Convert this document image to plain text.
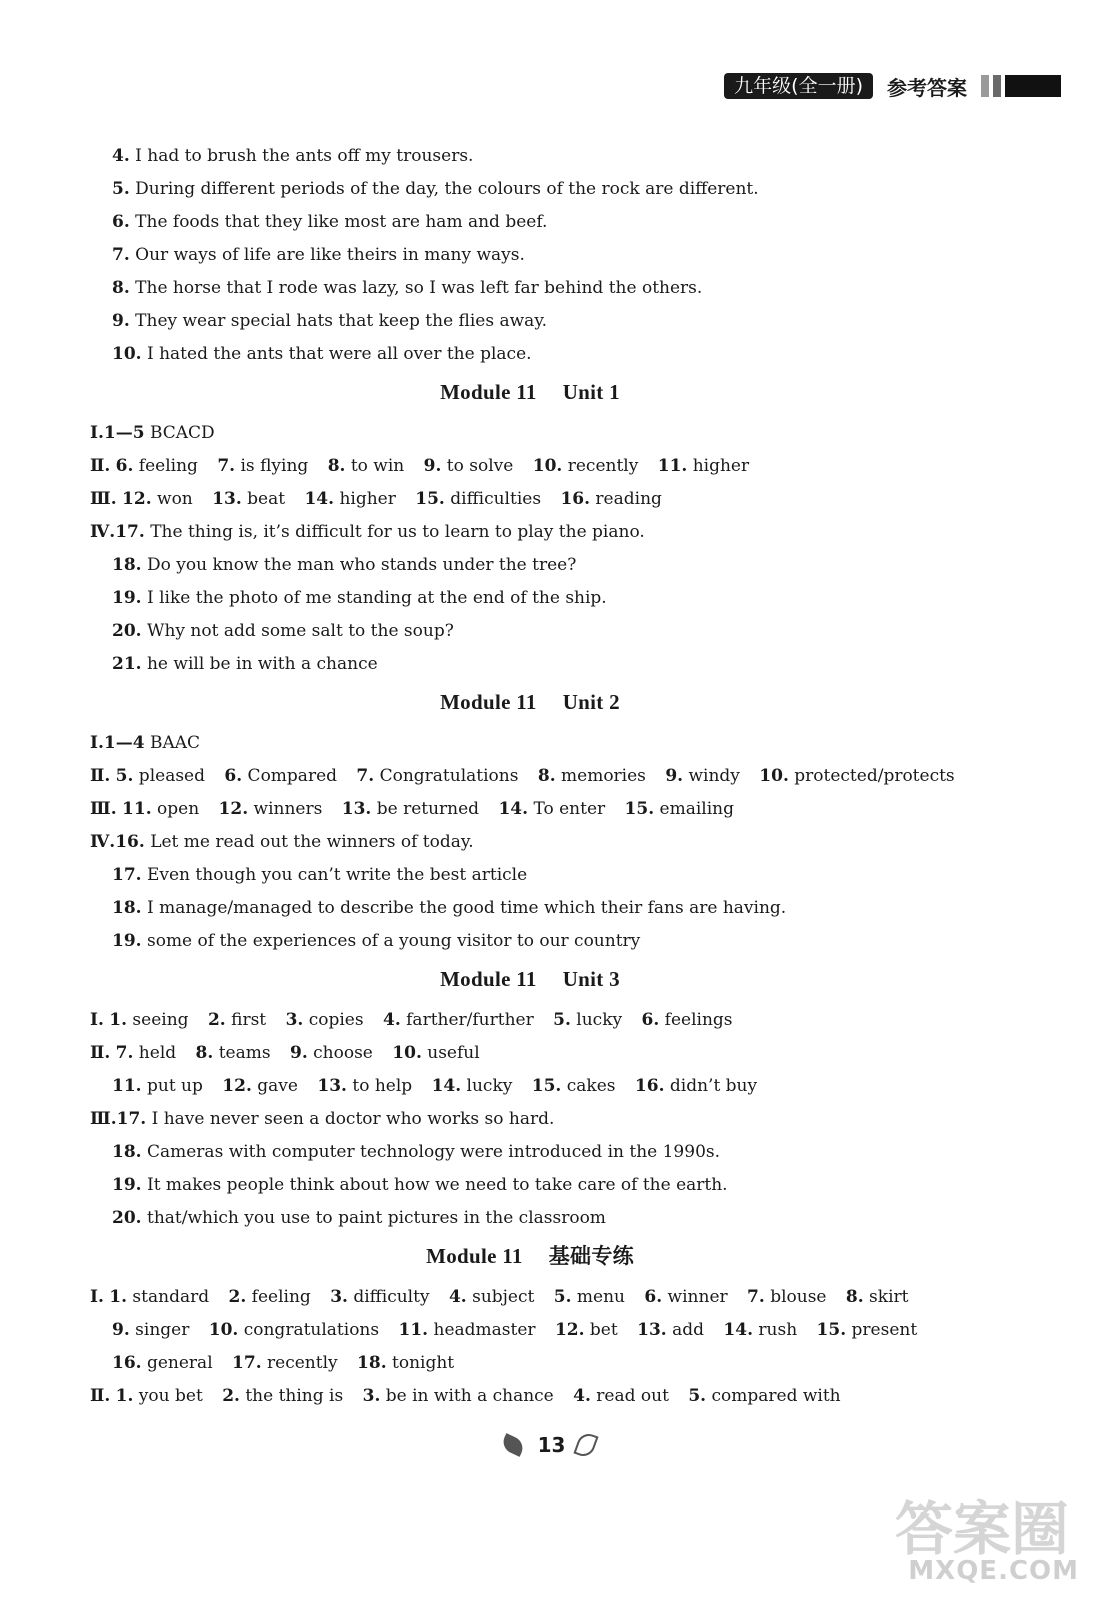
九年级(全一册)	参考答案
4. I had to brush the ants off my trousers.
5. During different periods of the day, the colours of the rock are different.
6. The foods that they like most are ham and beef.
7. Our ways of life are like theirs in many ways.
8. The horse that I rode was lazy, so I was left far behind the others.
9. They wear special hats that keep the flies away.
10. I hated the ants that were all over the place.
Module 11 Unit 1
Ⅰ.1—5 BCACD
Ⅱ. 6. feeling 7. is flying 8. to win 9. to solve 10. recently 11. higher
Ⅲ. 12. won 13. beat 14. higher 15. difficulties 16. reading
Ⅳ.17. The thing is, it’s difficult for us to learn to play the piano.
18. Do you know the man who stands under the tree?
19. I like the photo of me standing at the end of the ship.
20. Why not add some salt to the soup?
21. he will be in with a chance
Module 11 Unit 2
Ⅰ.1—4 BAAC
Ⅱ. 5. pleased 6. Compared 7. Congratulations 8. memories 9. windy 10. protected/protects
Ⅲ. 11. open 12. winners 13. be returned 14. To enter 15. emailing
Ⅳ.16. Let me read out the winners of today.
17. Even though you can’t write the best article
18. I manage/managed to describe the good time which their fans are having.
19. some of the experiences of a young visitor to our country
Module 11 Unit 3
Ⅰ. 1. seeing 2. first 3. copies 4. farther/further 5. lucky 6. feelings
Ⅱ. 7. held 8. teams 9. choose 10. useful
11. put up 12. gave 13. to help 14. lucky 15. cakes 16. didn’t buy
Ⅲ.17. I have never seen a doctor who works so hard.
18. Cameras with computer technology were introduced in the 1990s.
19. It makes people think about how we need to take care of the earth.
20. that/which you use to paint pictures in the classroom
Module 11 基础专练
Ⅰ. 1. standard 2. feeling 3. difficulty 4. subject 5. menu 6. winner 7. blouse 8. skirt
9. singer 10. congratulations 11. headmaster 12. bet 13. add 14. rush 15. present
16. general 17. recently 18. tonight
Ⅱ. 1. you bet 2. the thing is 3. be in with a chance 4. read out 5. compared with
13
答案圈
MXQE.COM
